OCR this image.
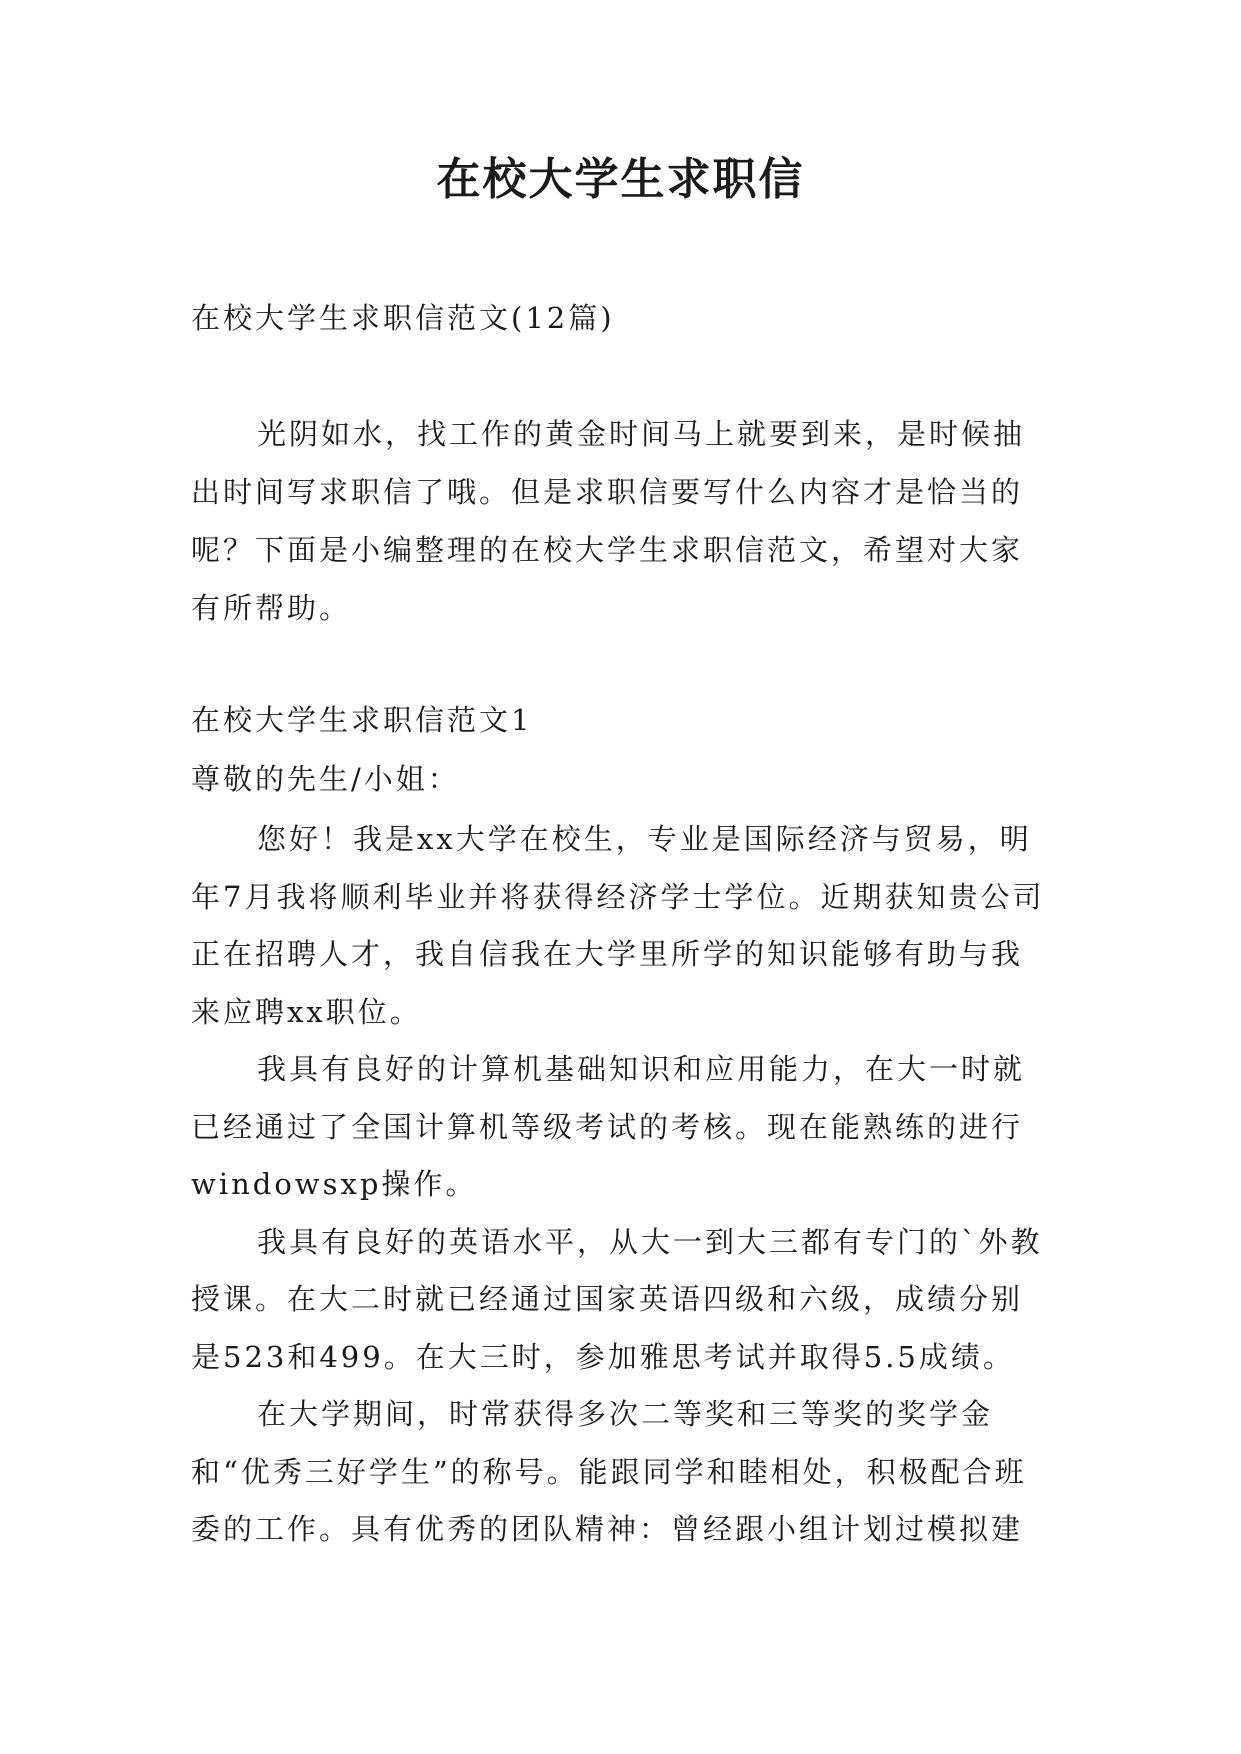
在校大学生求职信

在校大学生求职信范文(12篇)

光阴如水，找工作的黄金时间马上就要到来，是时候抽出时间写求职信了哦。但是求职信要写什么内容才是恰当的呢？下面是小编整理的在校大学生求职信范文，希望对大家有所帮助。

在校大学生求职信范文1

尊敬的先生/小姐：

您好！我是xx大学在校生，专业是国际经济与贸易，明年7月我将顺利毕业并将获得经济学士学位。近期获知贵公司正在招聘人才，我自信我在大学里所学的知识能够有助与我来应聘xx职位。

我具有良好的计算机基础知识和应用能力，在大一时就已经通过了全国计算机等级考试的考核。现在能熟练的进行windowsxp操作。

我具有良好的英语水平，从大一到大三都有专门的`外教授课。在大二时就已经通过国家英语四级和六级，成绩分别是523和499。在大三时，参加雅思考试并取得5.5成绩。

在大学期间，时常获得多次二等奖和三等奖的奖学金和“优秀三好学生”的称号。能跟同学和睦相处，积极配合班委的工作。具有优秀的团队精神：曾经跟小组计划过模拟建
